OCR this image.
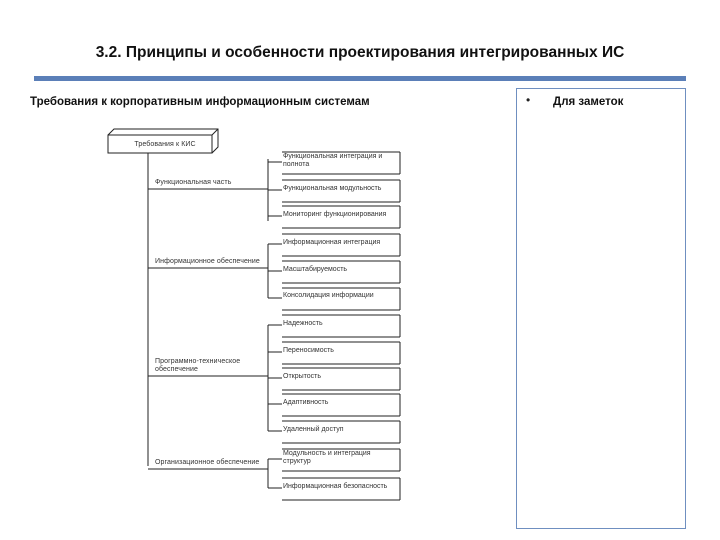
3.2. Принципы и особенности проектирования интегрированных ИС
Требования к корпоративным информационным системам	• Для заметок
Требования к КИС
Функциональная часть
Информационное обеспечение
Программно-техническое обеспечение
Организационное обеспечение
Функциональная интеграция и полнота
Функциональная модульность
Мониторинг функционирования
Информационная интеграция
Масштабируемость
Консолидация информации
Надежность
Переносимость
Открытость
Адаптивность
Удаленный доступ
Модульность и интеграция структур
Информационная безопасность
